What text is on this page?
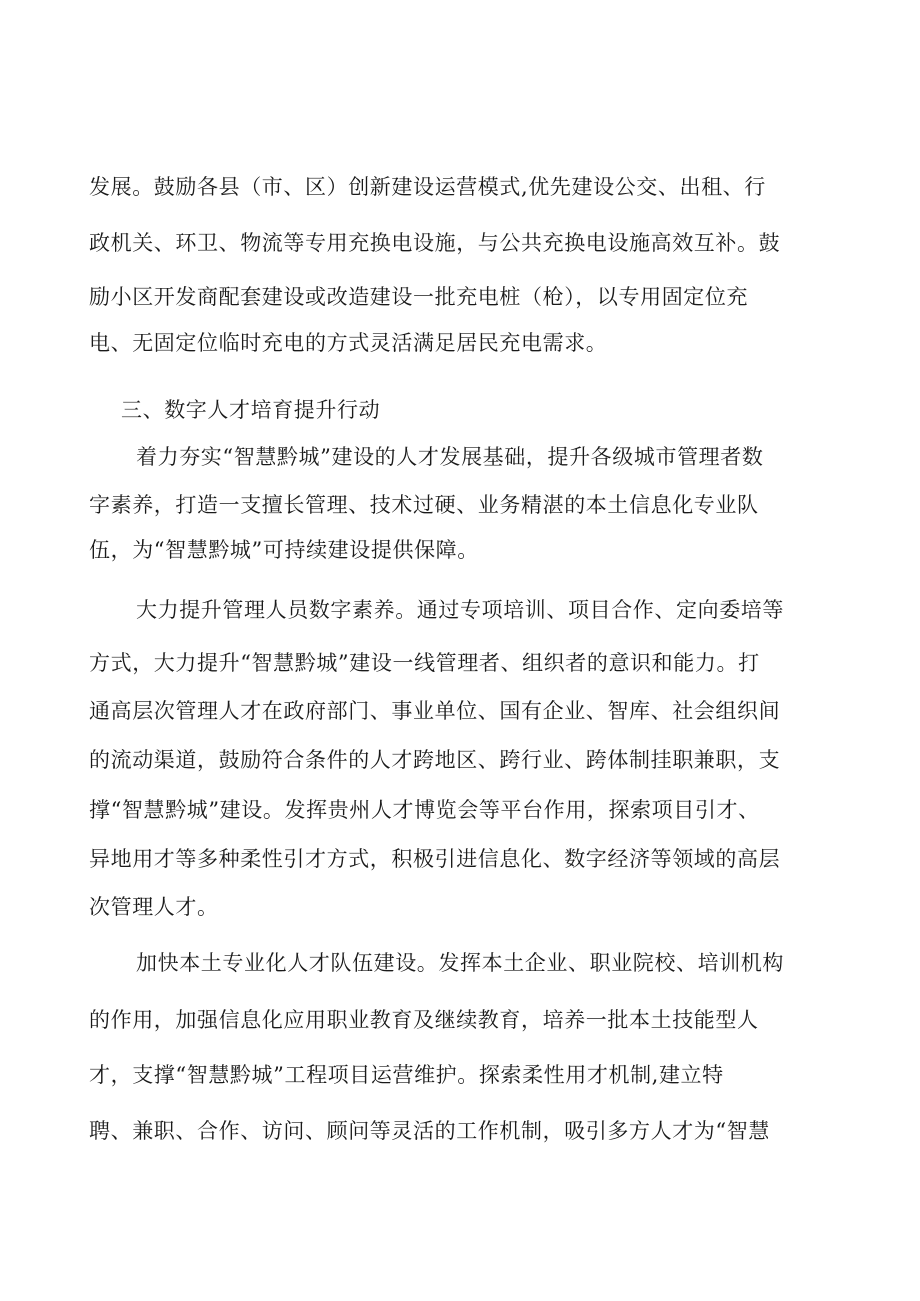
发展。鼓励各县（市、区）创新建设运营模式,优先建设公交、出租、行
政机关、环卫、物流等专用充换电设施，与公共充换电设施高效互补。鼓
励小区开发商配套建设或改造建设一批充电桩（枪），以专用固定位充
电、无固定位临时充电的方式灵活满足居民充电需求。
三、数字人才培育提升行动
着力夯实“智慧黔城”建设的人才发展基础，提升各级城市管理者数
字素养，打造一支擅长管理、技术过硬、业务精湛的本土信息化专业队
伍，为“智慧黔城”可持续建设提供保障。
大力提升管理人员数字素养。通过专项培训、项目合作、定向委培等
方式，大力提升“智慧黔城”建设一线管理者、组织者的意识和能力。打
通高层次管理人才在政府部门、事业单位、国有企业、智库、社会组织间
的流动渠道，鼓励符合条件的人才跨地区、跨行业、跨体制挂职兼职，支
撑“智慧黔城”建设。发挥贵州人才博览会等平台作用，探索项目引才、
异地用才等多种柔性引才方式，积极引进信息化、数字经济等领域的高层
次管理人才。
加快本土专业化人才队伍建设。发挥本土企业、职业院校、培训机构
的作用，加强信息化应用职业教育及继续教育，培养一批本土技能型人
才，支撑“智慧黔城”工程项目运营维护。探索柔性用才机制,建立特
聘、兼职、合作、访问、顾问等灵活的工作机制，吸引多方人才为“智慧
